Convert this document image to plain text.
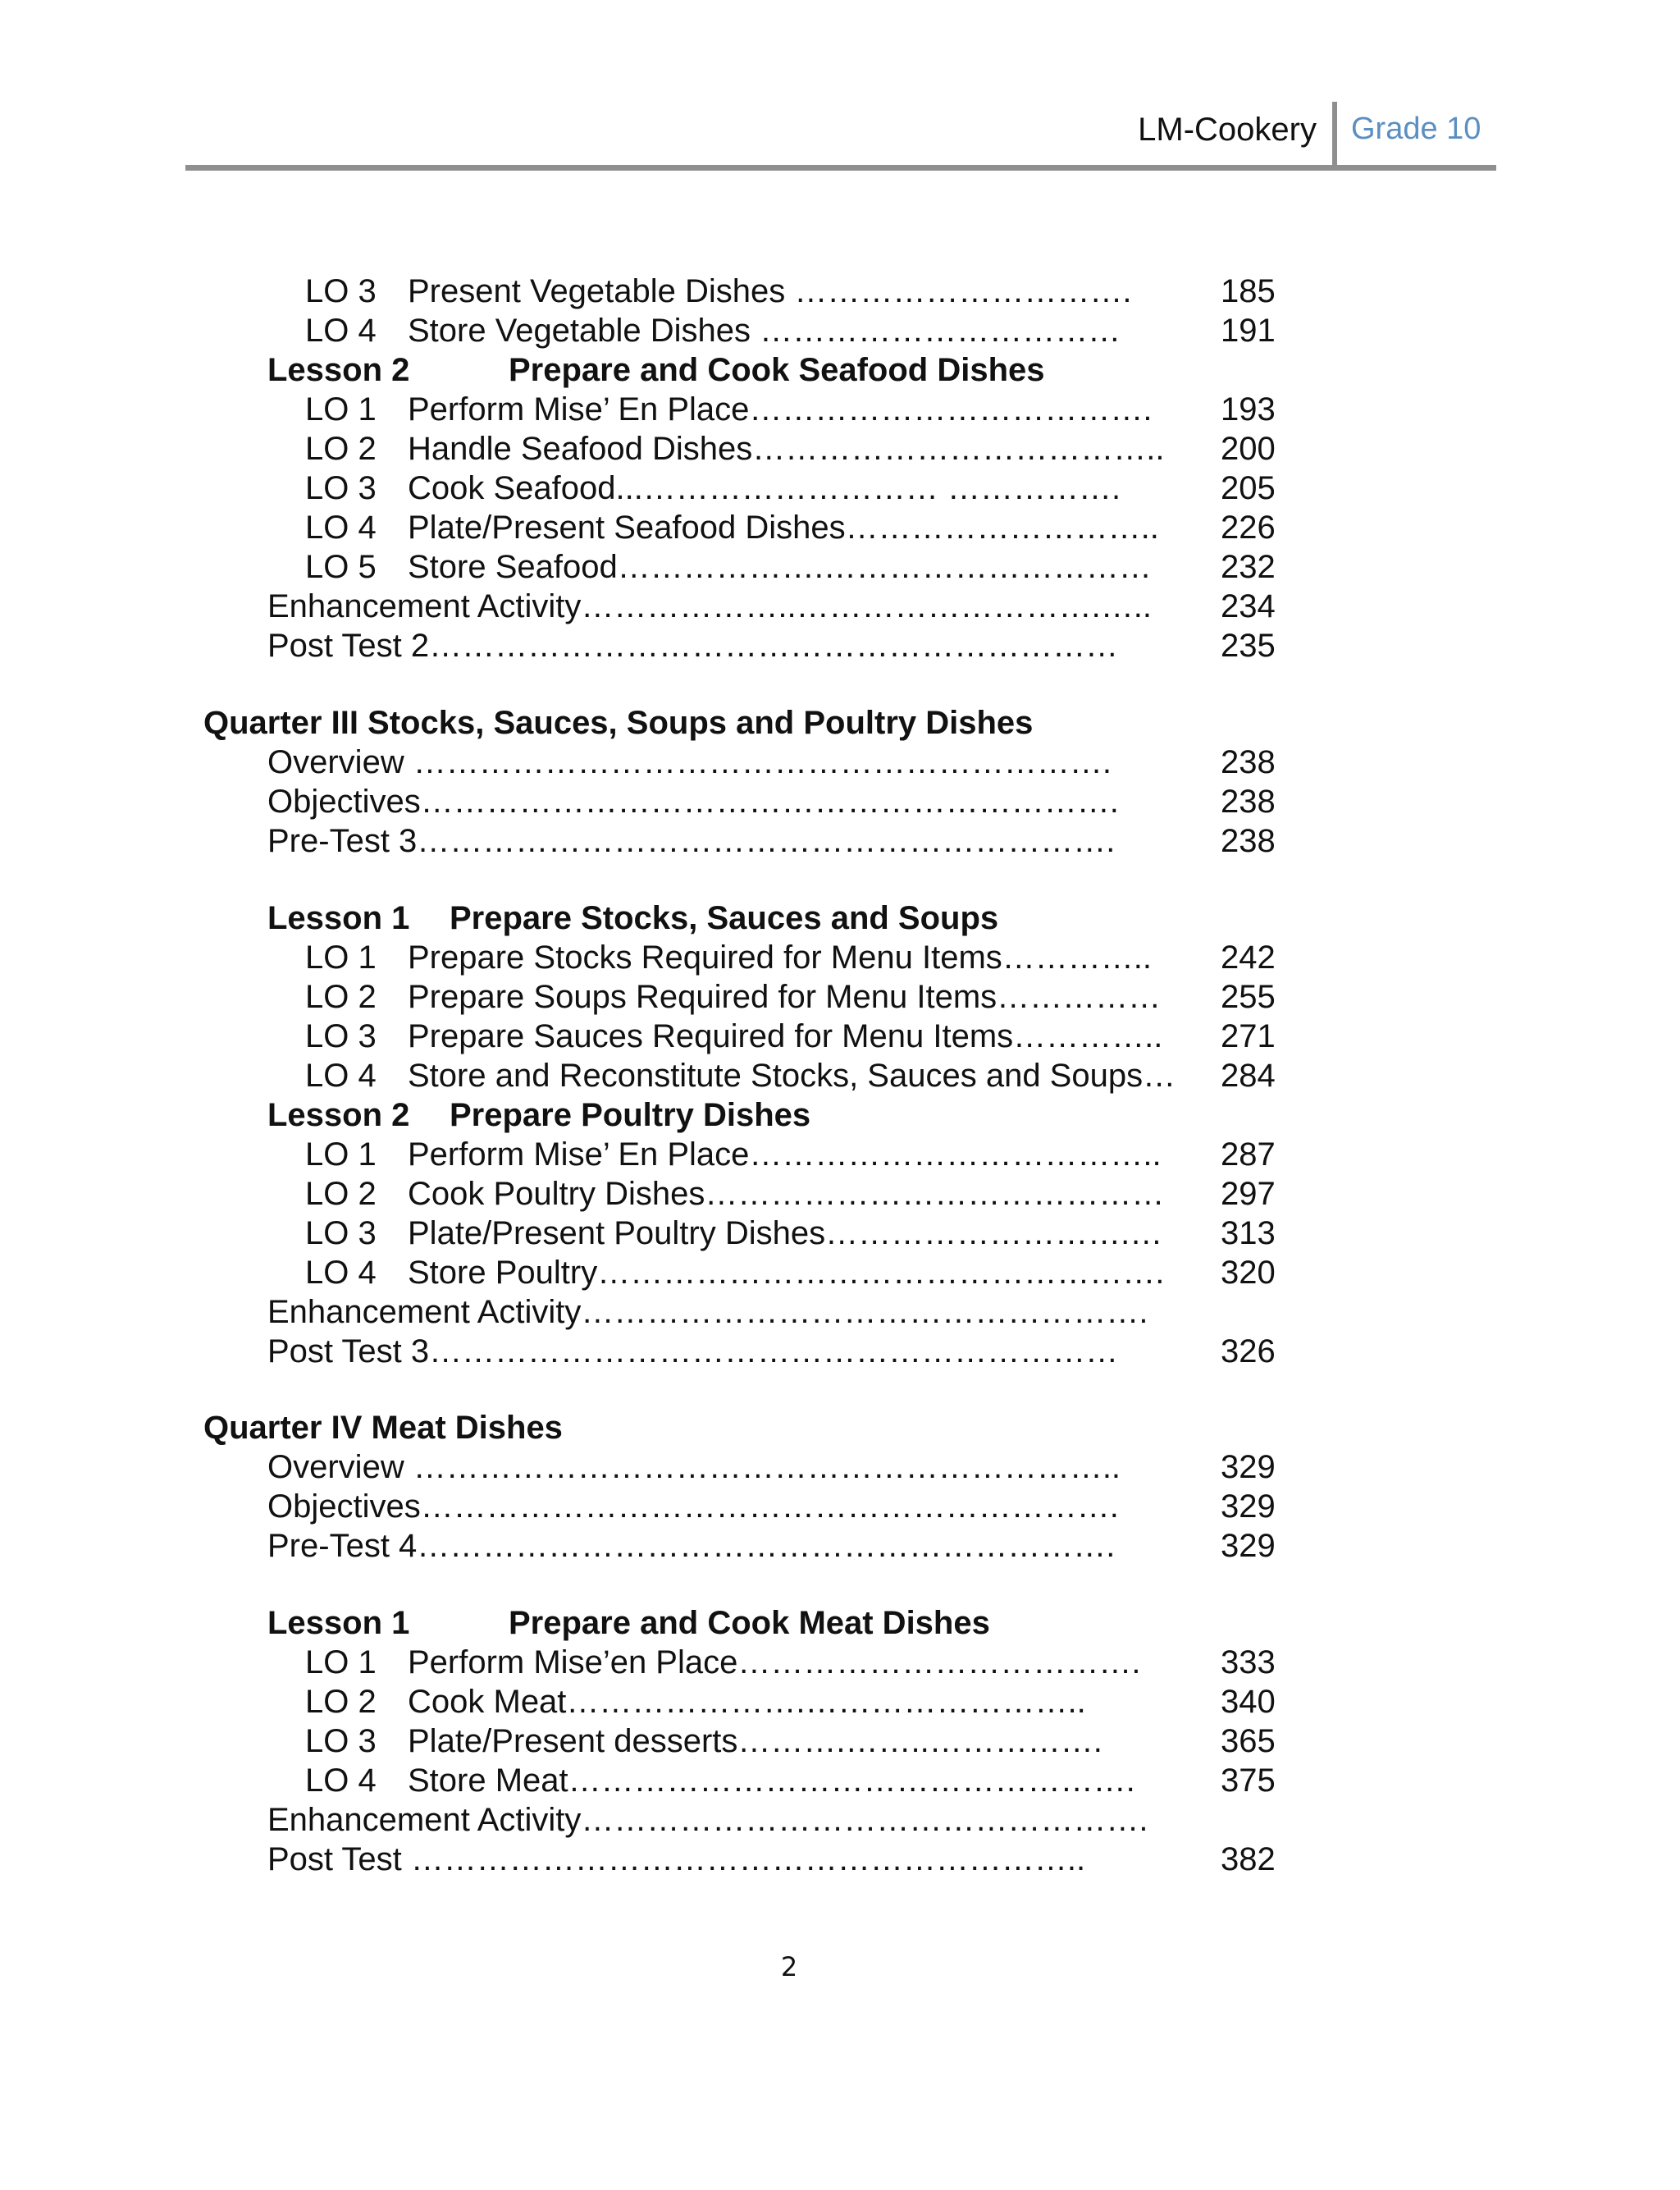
LM-Cookery Grade 10
LO 3 Present Vegetable Dishes ………………………….	185
LO 4 Store Vegetable Dishes ……………………………	191
Lesson 2	Prepare and Cook Seafood Dishes
LO 1 Perform Mise’ En Place………………………………. 193
LO 2 Handle Seafood Dishes……………………………….. 200
LO 3 Cook Seafood...……………………… …………….	205
LO 4 Plate/Present Seafood Dishes……………………….. 226
LO 5 Store Seafood……………….………………………… 232
Enhancement Activity………………..……………………….….. 234
Post Test 2………………………………………………………	235
Quarter III Stocks, Sauces, Soups and Poultry Dishes
Overview ……………………………………………………….	238
Objectives……………………………………………………….	238
Pre-Test 3……………………………………………………….	238
Lesson 1 Prepare Stocks, Sauces and Soups
LO 1 Prepare Stocks Required for Menu Items………….. 242
LO 2 Prepare Soups Required for Menu Items…………… 255
LO 3 Prepare Sauces Required for Menu Items………….. 271
LO 4 Store and Reconstitute Stocks, Sauces and Soups… 284
Lesson 2 Prepare Poultry Dishes
LO 1 Perform Mise’ En Place……………………………….. 287
LO 2 Cook Poultry Dishes…………………………………… 297
LO 3 Plate/Present Poultry Dishes……………………….… 313
LO 4 Store Poultry……………………………………………. 320
Enhancement Activity…………………………………………….
Post Test 3………………………………………………………	326
Quarter IV Meat Dishes
Overview ………………………………………………………..	329
Objectives……………………………………………………….	329
Pre-Test 4……………………………………………………….	329
Lesson 1	Prepare and Cook Meat Dishes
LO 1 Perform Mise’en Place………………………………. 333
LO 2 Cook Meat………………….……………………..	340
LO 3 Plate/Present desserts……….……..…………….	365
LO 4 Store Meat…………………………………………….	375
Enhancement Activity…………………………………………….
Post Test ……………………………………………………..	382
2
